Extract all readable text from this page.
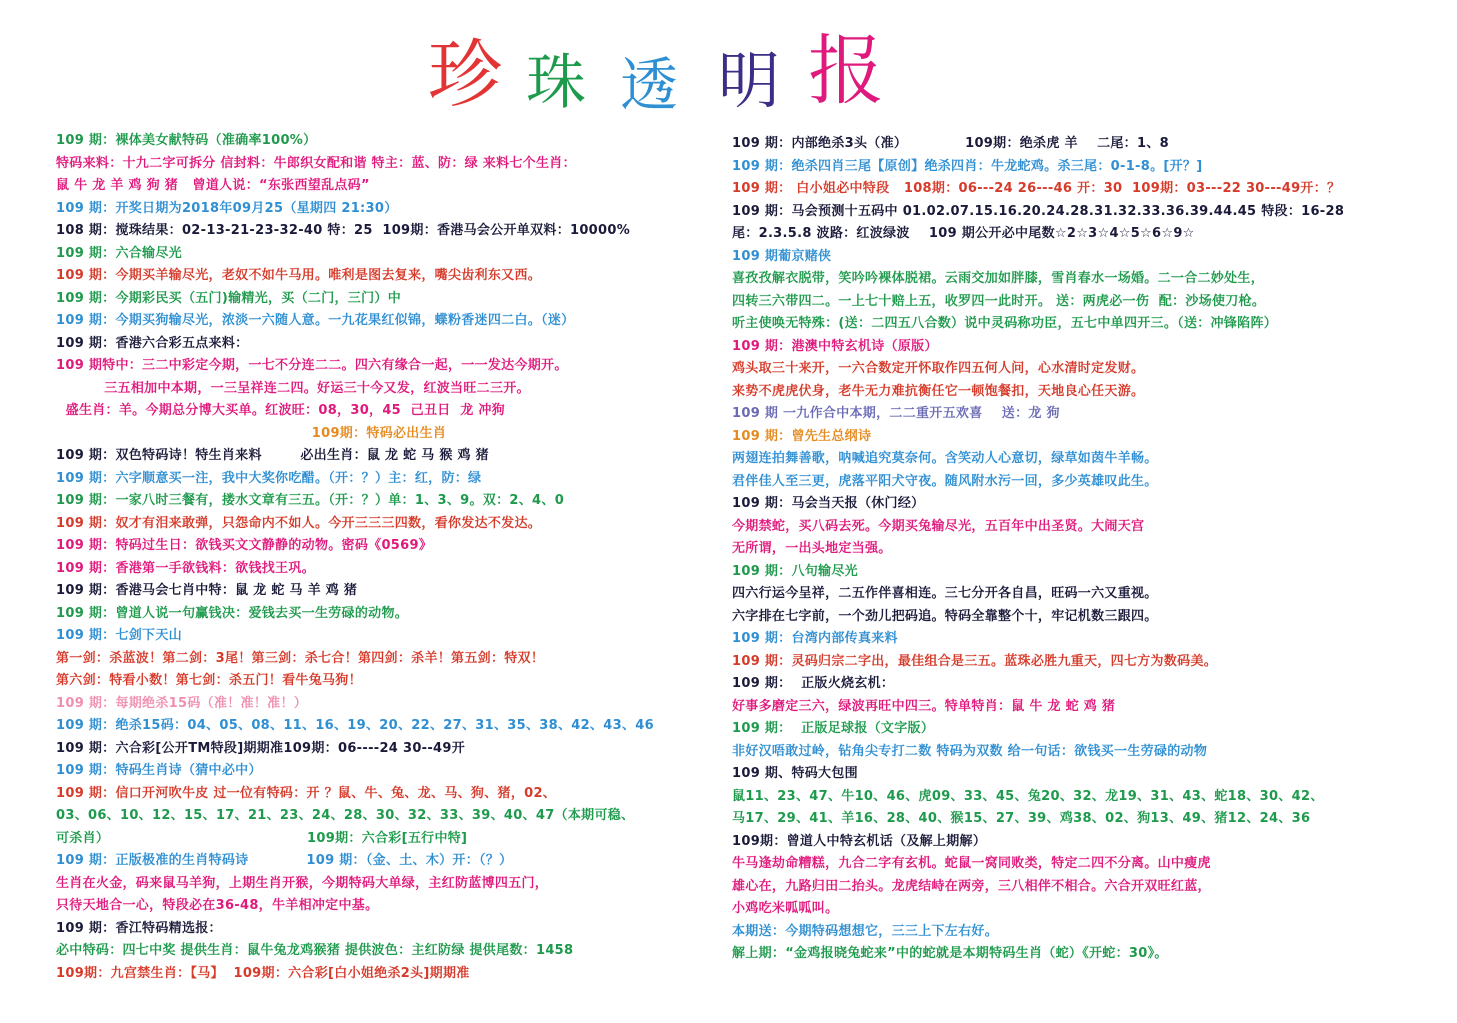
珍 珠 透 明 报
109 期：裸体美女献特码（准确率100%）
特码来料：十九二字可拆分 信封料：牛郎织女配和谐 特主：蓝、防：绿 来料七个生肖：
鼠 牛 龙 羊 鸡 狗 猪   曾道人说：“东张西望乱点码”
109 期：开奖日期为2018年09月25（星期四 21:30）
108 期：搅珠结果：02-13-21-23-32-40 特：25  109期：香港马会公开单双料：10000%
109 期：六合输尽光
109 期：今期买羊输尽光，老奴不如牛马用。唯利是图去复来，嘴尖齿利东又西。
109 期：今期彩民买（五门)输精光，买（二门，三门）中
109 期：今期买狗输尽光，浓淡一六随人意。一九花果红似锦，蝶粉香迷四二白。（迷）
109 期：香港六合彩五点来料：
109 期特中：三二中彩定今期，一七不分连二二。四六有缘合一起，一一发达今期开。
三五相加中本期，一三呈祥连二四。好运三十今又发，红波当旺二三开。
盛生肖：羊。今期总分博大买单。红波旺：08，30，45  己丑日  龙 冲狗
109期：特码必出生肖
109 期：双色特码诗！特生肖来料        必出生肖：鼠 龙 蛇 马 猴 鸡 猪
109 期：六字顺意买一注，我中大奖你吃醋。（开：？）主：红，防：绿
109 期：一家八时三餐有，搂水文章有三五。（开：？）单：1、3、9。双：2、4、0
109 期：奴才有泪来敢弹，只怨命内不如人。今开三三三四数，看你发达不发达。
109 期：特码过生日：欲钱买文文静静的动物。密码《0569》
109 期：香港第一手欲钱料：欲钱找王巩。
109 期：香港马会七肖中特：鼠 龙 蛇 马 羊 鸡 猪
109 期：曾道人说一句赢钱决：爱钱去买一生劳碌的动物。
109 期：七剑下天山
第一剑：杀蓝波！第二剑：3尾！第三剑：杀七合！第四剑：杀羊！第五剑：特双！
第六剑：特看小数！第七剑：杀五门！看牛兔马狗！
109 期：每期绝杀15码（准！准！准！）
109 期：绝杀15码：04、05、08、11、16、19、20、22、27、31、35、38、42、43、46
109 期：六合彩[公开TM特段]期期准109期：06----24 30--49开
109 期：特码生肖诗（猜中必中）
109 期：信口开河吹牛皮 过一位有特码：开 ？鼠、牛、兔、龙、马、狗、猪，02、
03、06、10、12、15、17、21、23、24、28、30、32、33、39、40、47（本期可稳、
可杀肖）                                         109期：六合彩[五行中特]
109 期：正版极准的生肖特码诗            109 期：（金、土、木）开：（？）
生肖在火金，码来鼠马羊狗，上期生肖开猴，今期特码大单绿，主红防蓝博四五门，
只待天地合一心，特段必在36-48，牛羊相冲定中基。
109 期：香江特码精选报：
必中特码：四七中奖 提供生肖：鼠牛兔龙鸡猴猪 提供波色：主红防绿 提供尾数：1458
109期：九宫禁生肖：【马】  109期：六合彩[白小姐绝杀2头]期期准
109 期：内部绝杀3头（准）            109期：绝杀虎 羊    二尾：1、8
109 期：绝杀四肖三尾【原创】绝杀四肖：牛龙蛇鸡。杀三尾：0-1-8。[开？]
109 期： 白小姐必中特段   108期：06---24 26---46 开：30  109期：03---22 30---49开：？
109 期：马会预测十五码中 01.02.07.15.16.20.24.28.31.32.33.36.39.44.45 特段：16-28
尾：2.3.5.8 波路：红波绿波    109 期公开必中尾数☆2☆3☆4☆5☆6☆9☆
109 期葡京赌侠
喜孜孜解衣脱带，笑吟吟裸体脱裙。云雨交加如胖膝，雪肖春水一场婚。二一合二妙处生，
四转三六带四二。一上七十赔上五，收罗四一此时开。 送：两虎必一伤  配：沙场使刀枪。
听主使唤无特殊：(送：二四五八合数）说中灵码称功臣，五七中单四开三。（送：冲锋陷阵）
109 期：港澳中特玄机诗（原版）
鸡头取三十来开，一六合数定开怀取作四五何人问，心水清时定发财。
来势不虎虎伏身，老牛无力难抗衡任它一顿饱餐扣，天地良心任天游。
109 期 一九作合中本期，二二重开五欢喜    送：龙 狗
109 期：曾先生总纲诗
两翅连拍舞善歌，呐喊追究莫奈何。含笑动人心意切，绿草如茵牛羊畅。
君伴佳人至三更，虎落平阳犬守夜。随风附水污一回，多少英雄叹此生。
109 期：马会当天报（休门经）
今期禁蛇，买八码去死。今期买兔输尽光，五百年中出圣贤。大闹天宫
无所谓，一出头地定当强。
109 期：八句输尽光
四六行运今呈祥，二五作伴喜相连。三七分开各自昌，旺码一六又重视。
六字排在七字前，一个劲儿把码追。特码全靠整个十，牢记机数三跟四。
109 期：台湾内部传真来料
109 期：灵码归宗二字出，最佳组合是三五。蓝珠必胜九重天，四七方为数码美。
109 期：  正版火烧玄机：
好事多磨定三六，绿波再旺中四三。特单特肖：鼠 牛 龙 蛇 鸡 猪
109 期：  正版足球报（文字版）
非好汉唔敢过岭，钻角尖专打二数 特码为双数 给一句话：欲钱买一生劳碌的动物
109 期、特码大包围
鼠11、23、47、牛10、46、虎09、33、45、兔20、32、龙19、31、43、蛇18、30、42、
马17、29、41、羊16、28、40、猴15、27、39、鸡38、02、狗13、49、猪12、24、36
109期：曾道人中特玄机话（及解上期解）
牛马逢劫命糟糕，九合二字有玄机。蛇鼠一窝同败类，特定二四不分离。山中瘦虎
雄心在，九路归田二抬头。龙虎结峙在两旁，三八相伴不相合。六合开双旺红蓝，
小鸡吃米呱呱叫。
本期送：今期特码想想它，三三上下左右好。
解上期：“金鸡报晓兔蛇来”中的蛇就是本期特码生肖（蛇）《开蛇：30》。
